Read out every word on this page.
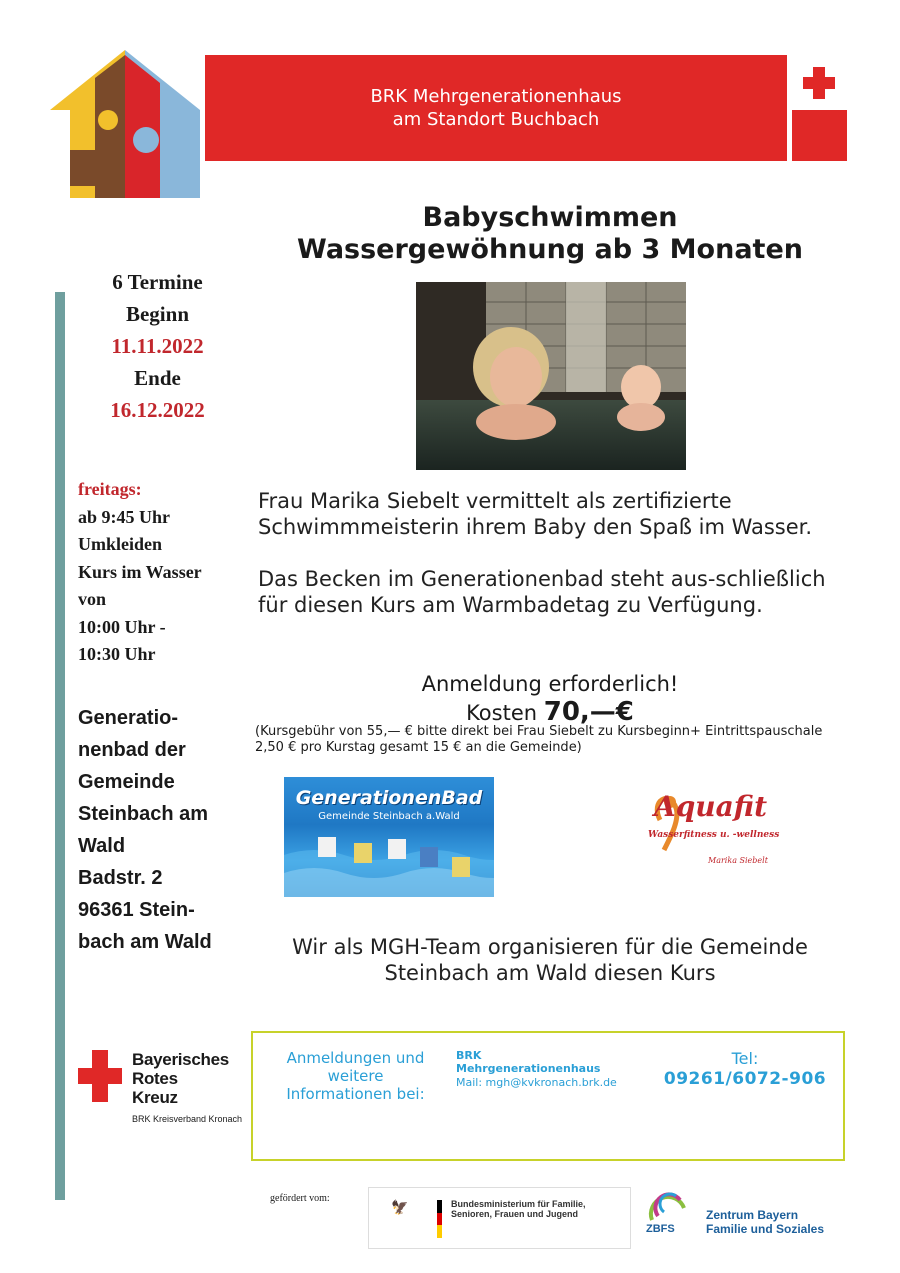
BRK Mehrgenerationenhaus
am Standort Buchbach
Babyschwimmen
Wassergewöhnung ab 3 Monaten
6 Termine
Beginn
11.11.2022
Ende
16.12.2022
freitags:
ab 9:45 Uhr
Umkleiden
Kurs im Wasser
von
10:00 Uhr -
10:30 Uhr
Generatio-
nenbad der
Gemeinde
Steinbach am
Wald
Badstr. 2
96361 Stein-
bach am Wald

Frau Marika Siebelt vermittelt als zertifizierte Schwimmmeisterin ihrem Baby den Spaß im Wasser.

Das Becken im Generationenbad steht aus-schließlich für diesen Kurs am Warmbadetag zu Verfügung.

Anmeldung erforderlich!
Kosten 70,—€
(Kursgebühr von 55,— € bitte direkt bei Frau Siebelt zu Kursbeginn+ Eintrittspauschale 2,50 € pro Kurstag gesamt 15 € an die Gemeinde)
GenerationenBad
Gemeinde Steinbach a.Wald	Aquafit
Wasserfitness u. -wellness
Marika Siebelt
Wir als MGH-Team organisieren für die Gemeinde Steinbach am Wald diesen Kurs
Bayerisches
Rotes
Kreuz
BRK Kreisverband Kronach
Anmeldungen und weitere Informationen bei:
BRK
Mehrgenerationenhaus
Mail: mgh@kvkronach.brk.de
Tel:
09261/6072-906
gefördert vom:
🦅	Bundesministerium für Familie, Senioren, Frauen und Jugend
ZBFS
Zentrum Bayern
Familie und Soziales
